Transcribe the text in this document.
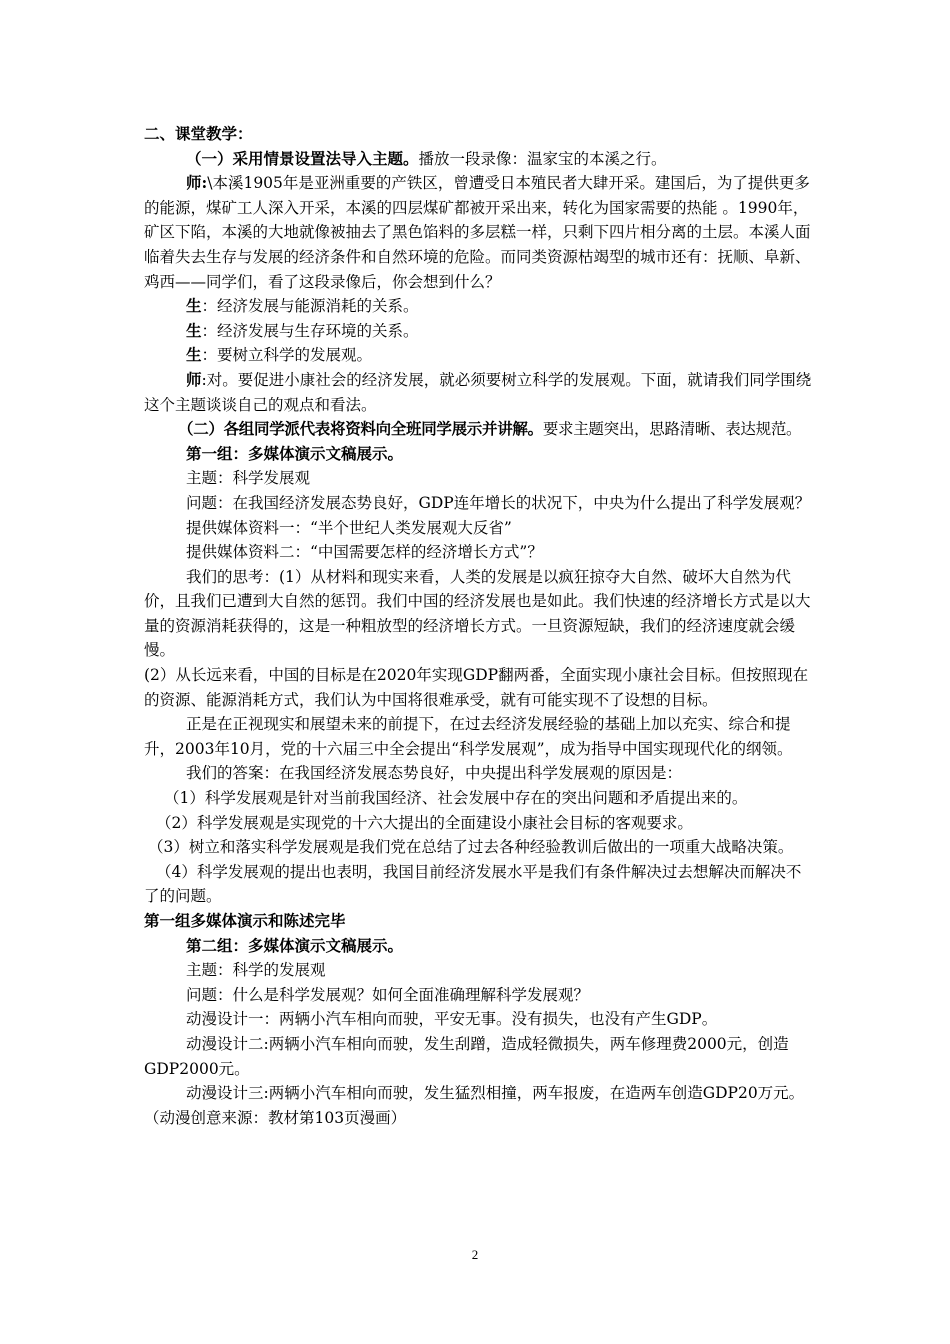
二、课堂教学：

（一）采用情景设置法导入主题。播放一段录像：温家宝的本溪之行。

师:\本溪1905年是亚洲重要的产铁区，曾遭受日本殖民者大肆开采。建国后，为了提供更多的能源，煤矿工人深入开采，本溪的四层煤矿都被开采出来，转化为国家需要的热能 。1990年，矿区下陷，本溪的大地就像被抽去了黑色馅料的多层糕一样，只剩下四片相分离的土层。本溪人面临着失去生存与发展的经济条件和自然环境的危险。而同类资源枯竭型的城市还有：抚顺、阜新、鸡西——同学们，看了这段录像后，你会想到什么？

生：经济发展与能源消耗的关系。

生：经济发展与生存环境的关系。

生：要树立科学的发展观。

师:对。要促进小康社会的经济发展，就必须要树立科学的发展观。下面，就请我们同学围绕这个主题谈谈自己的观点和看法。

（二）各组同学派代表将资料向全班同学展示并讲解。要求主题突出，思路清晰、表达规范。

第一组：多媒体演示文稿展示。

主题：科学发展观

问题：在我国经济发展态势良好，GDP连年增长的状况下，中央为什么提出了科学发展观？

提供媒体资料一：“半个世纪人类发展观大反省”

提供媒体资料二：“中国需要怎样的经济增长方式”？

我们的思考：(1）从材料和现实来看，人类的发展是以疯狂掠夺大自然、破坏大自然为代价，且我们已遭到大自然的惩罚。我们中国的经济发展也是如此。我们快速的经济增长方式是以大量的资源消耗获得的，这是一种粗放型的经济增长方式。一旦资源短缺，我们的经济速度就会缓慢。

(2）从长远来看，中国的目标是在2020年实现GDP翻两番，全面实现小康社会目标。但按照现在的资源、能源消耗方式，我们认为中国将很难承受，就有可能实现不了设想的目标。

正是在正视现实和展望未来的前提下，在过去经济发展经验的基础上加以充实、综合和提升，2003年10月，党的十六届三中全会提出“科学发展观”，成为指导中国实现现代化的纲领。

我们的答案：在我国经济发展态势良好，中央提出科学发展观的原因是：

（1）科学发展观是针对当前我国经济、社会发展中存在的突出问题和矛盾提出来的。

（2）科学发展观是实现党的十六大提出的全面建设小康社会目标的客观要求。

（3）树立和落实科学发展观是我们党在总结了过去各种经验教训后做出的一项重大战略决策。

（4）科学发展观的提出也表明，我国目前经济发展水平是我们有条件解决过去想解决而解决不了的问题。

第一组多媒体演示和陈述完毕

第二组：多媒体演示文稿展示。

主题：科学的发展观

问题：什么是科学发展观？如何全面准确理解科学发展观？

动漫设计一：两辆小汽车相向而驶，平安无事。没有损失，也没有产生GDP。

动漫设计二:两辆小汽车相向而驶，发生刮蹭，造成轻微损失，两车修理费2000元，创造GDP2000元。

动漫设计三:两辆小汽车相向而驶，发生猛烈相撞，两车报废，在造两车创造GDP20万元。（动漫创意来源：教材第103页漫画）

2
